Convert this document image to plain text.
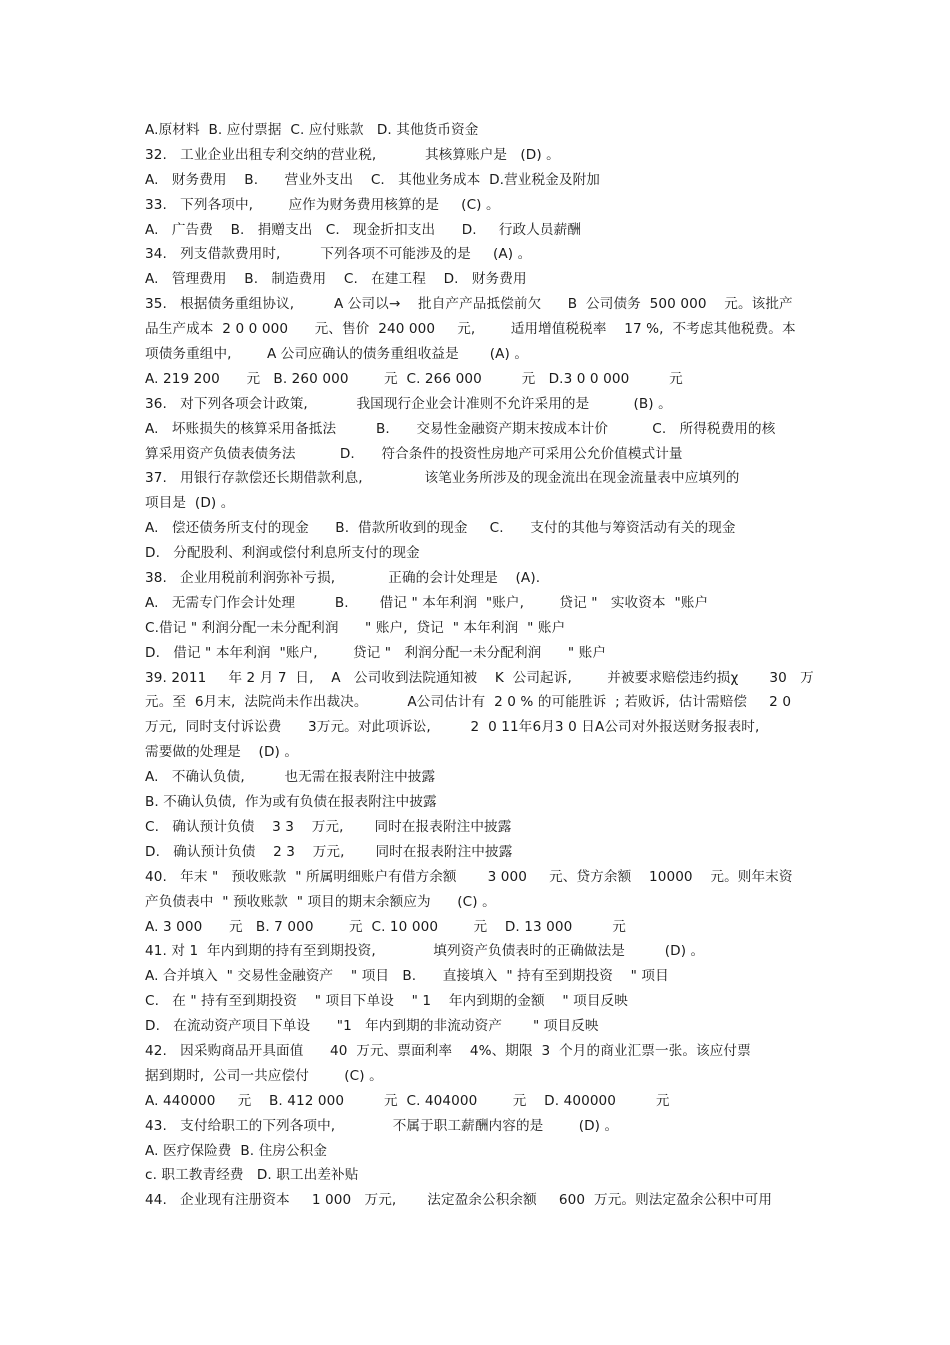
A.原材料  B. 应付票据  C. 应付账款   D. 其他货币资金
32.   工业企业出租专利交纳的营业税,           其核算账户是   (D) 。
A.   财务费用    B.      营业外支出    C.   其他业务成本  D.营业税金及附加
33.   下列各项中,        应作为财务费用核算的是     (C) 。
A.   广告费    B.   捐赠支出   C.   现金折扣支出      D.     行政人员薪酬
34.   列支借款费用时,         下列各项不可能涉及的是     (A) 。
A.   管理费用    B.   制造费用    C.   在建工程    D.   财务费用
35.   根据债务重组协议,         A 公司以→    批自产产品抵偿前欠      B  公司债务  500 000    元。该批产
品生产成本  2 0 0 000      元、售价  240 000     元,        适用增值税税率    17 %,  不考虑其他税费。本
项债务重组中,        A 公司应确认的债务重组收益是       (A) 。
A. 219 200      元   B. 260 000        元  C. 266 000         元   D.3 0 0 000         元
36.   对下列各项会计政策,           我国现行企业会计准则不允许采用的是          (B) 。
A.   坏账损失的核算采用备抵法         B.      交易性金融资产期末按成本计价          C.   所得税费用的核
算采用资产负债表债务法          D.      符合条件的投资性房地产可采用公允价值模式计量
37.   用银行存款偿还长期借款利息,              该笔业务所涉及的现金流出在现金流量表中应填列的
项目是  (D) 。
A.   偿还债务所支付的现金      B.  借款所收到的现金     C.      支付的其他与筹资活动有关的现金
D.   分配股利、利润或偿付利息所支付的现金
38.   企业用税前利润弥补亏损,            正确的会计处理是    (A).
A.   无需专门作会计处理         B.       借记 " 本年利润  "账户,        贷记 "   实收资本  "账户
C.借记 " 利润分配一未分配利润      " 账户,  贷记  " 本年利润  " 账户
D.   借记 " 本年利润  "账户,        贷记 "   利润分配一未分配利润      " 账户
39. 2011     年 2 月 7  日,    A   公司收到法院通知被    K  公司起诉,        并被要求赔偿违约损χ       30   万
元。至  6月末,  法院尚未作出裁决。         A公司估计有  2 0 % 的可能胜诉  ; 若败诉,  估计需赔偿     2 0
万元,  同时支付诉讼费      3万元。对此项诉讼,         2  0 11年6月3 0 日A公司对外报送财务报表时,
需要做的处理是    (D) 。
A.   不确认负债,         也无需在报表附注中披露
B. 不确认负债,  作为或有负债在报表附注中披露
C.   确认预计负债    3 3    万元,       同时在报表附注中披露
D.   确认预计负债    2 3    万元,       同时在报表附注中披露
40.   年末 "   预收账款  " 所属明细账户有借方余额       3 000     元、贷方余额    10000    元。则年末资
产负债表中  " 预收账款  " 项目的期末余额应为      (C) 。
A. 3 000      元   B. 7 000        元  C. 10 000        元    D. 13 000         元
41. 对 1  年内到期的持有至到期投资,             填列资产负债表时的正确做法是         (D) 。
A. 合并填入  " 交易性金融资产    " 项目   B.      直接填入  " 持有至到期投资    " 项目
C.   在 " 持有至到期投资    " 项目下单设    " 1    年内到期的金额    " 项目反映
D.   在流动资产项目下单设      "1   年内到期的非流动资产       " 项目反映
42.   因采购商品开具面值      40  万元、票面利率    4%、期限  3  个月的商业汇票一张。该应付票
据到期时,  公司一共应偿付        (C) 。
A. 440000     元    B. 412 000         元  C. 404000        元    D. 400000         元
43.   支付给职工的下列各项中,             不属于职工薪酬内容的是        (D) 。
A. 医疗保险费  B. 住房公积金
c. 职工教青经费   D. 职工出差补贴
44.   企业现有注册资本     1 000   万元,       法定盈余公积余额     600  万元。则法定盈余公积中可用
